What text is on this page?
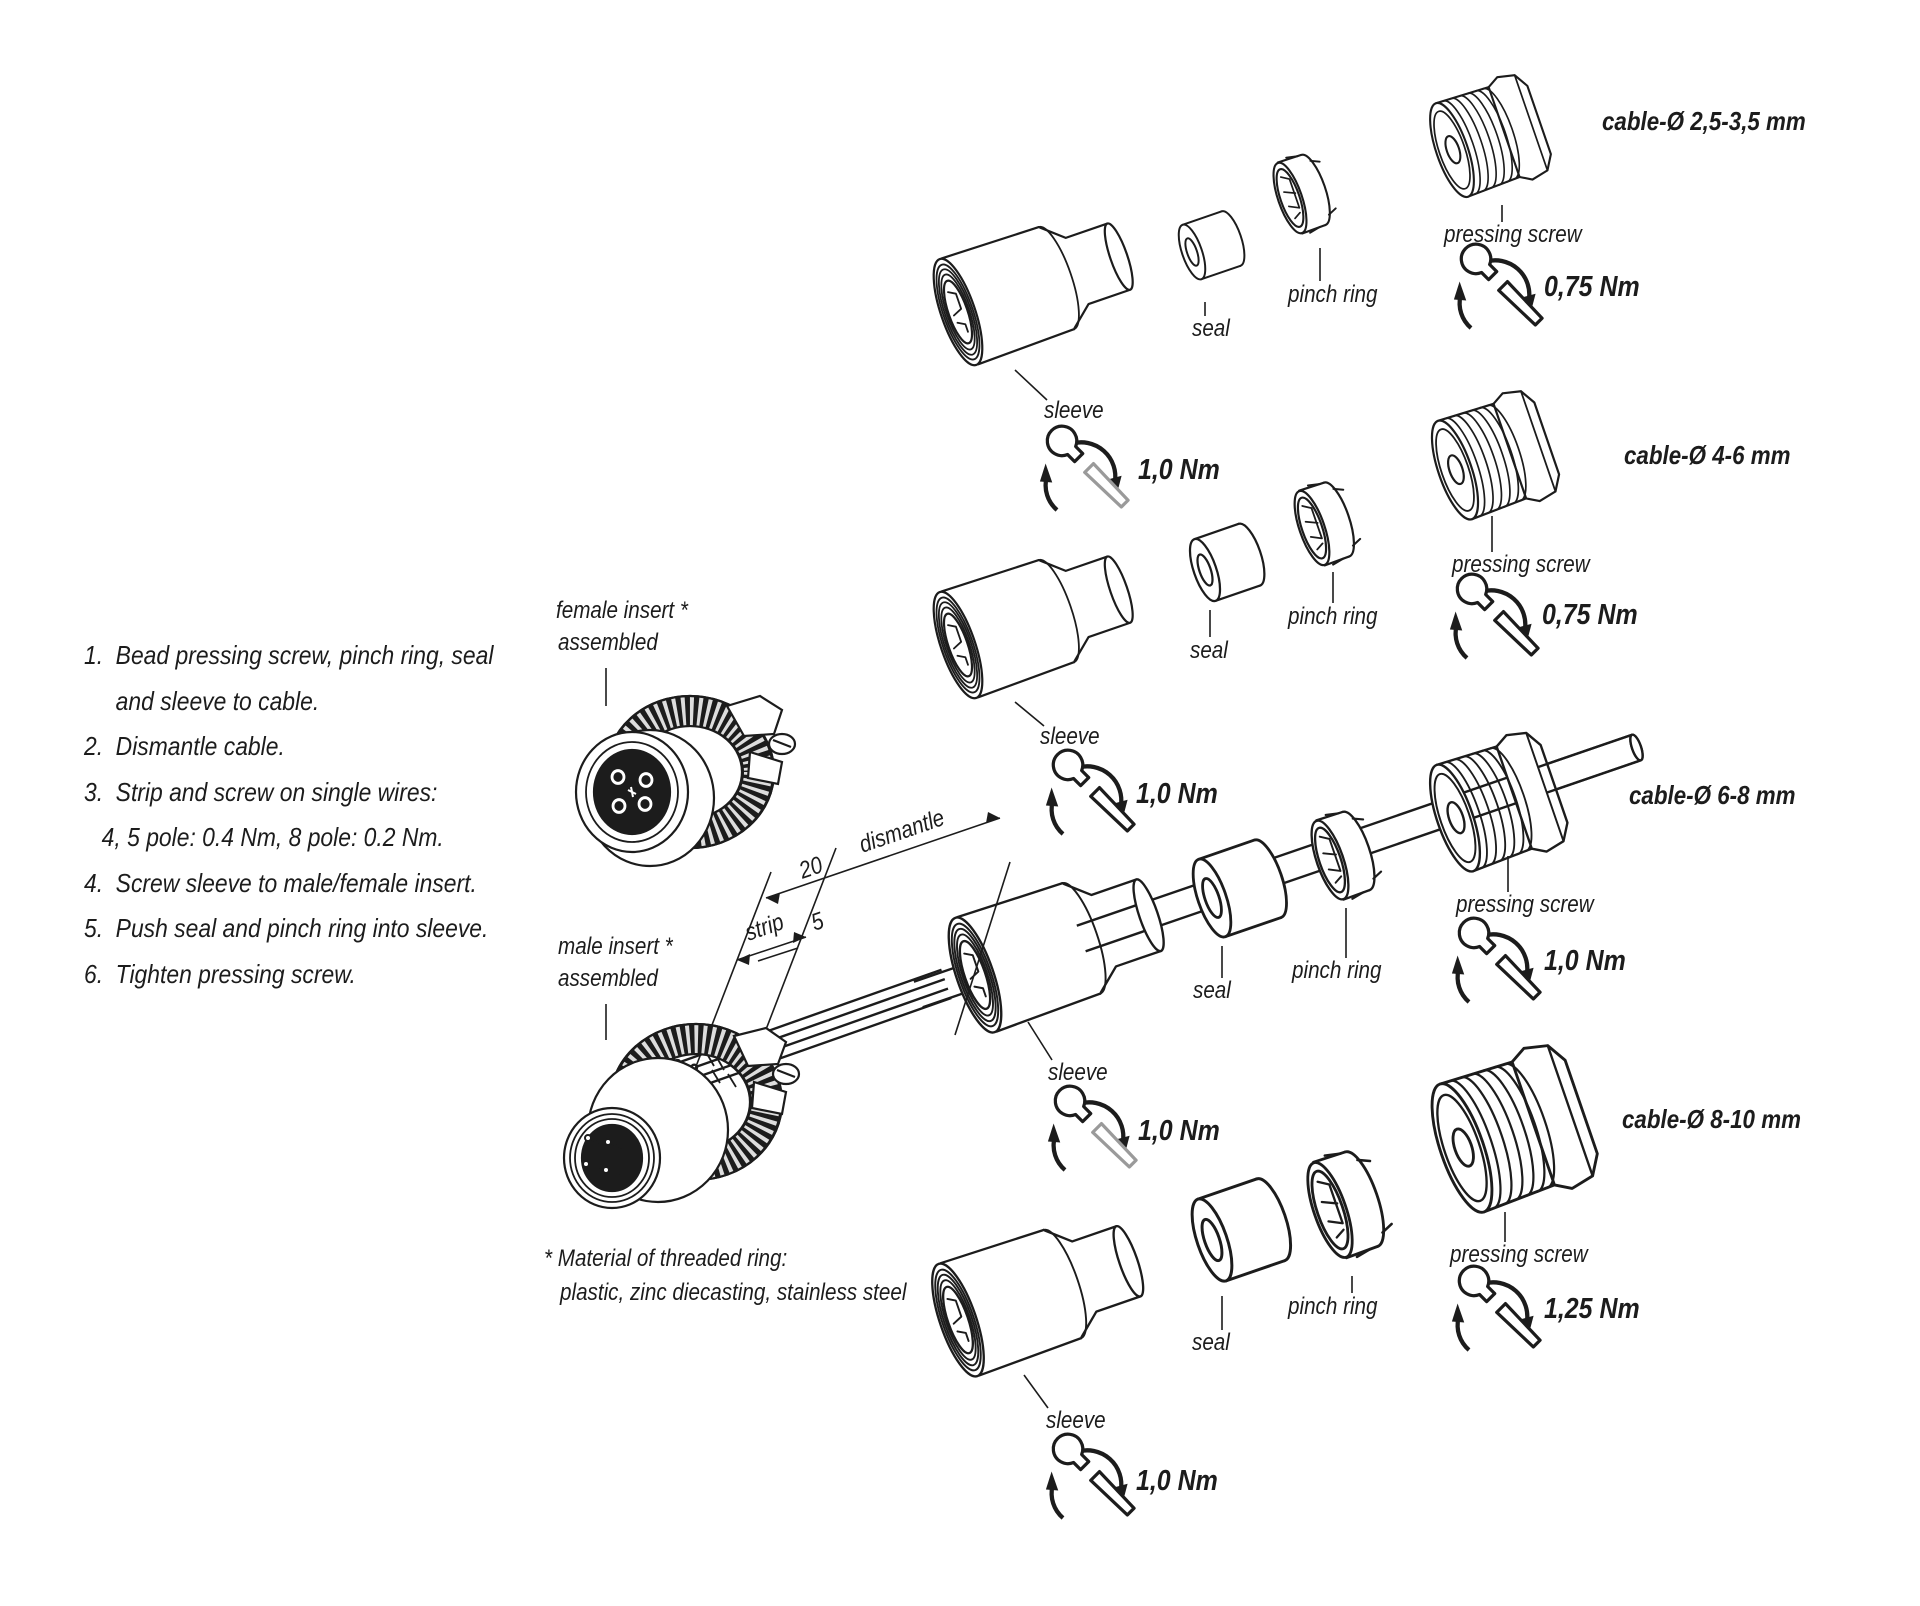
1. Bead pressing screw, pinch ring, seal
and sleeve to cable.
2. Dismantle cable.
3. Strip and screw on single wires:
4, 5 pole: 0.4 Nm, 8 pole: 0.2 Nm.
4. Screw sleeve to male/female insert.
5. Push seal and pinch ring into sleeve.
6. Tighten pressing screw.
female insert *
assembled
male insert *
assembled
* Material of threaded ring:
plastic, zinc diecasting, stainless steel
dismantle
20
strip 5
cable-Ø 2,5-3,5 mm
sleeve
1,0 Nm
seal
pinch ring
pressing screw
0,75 Nm
cable-Ø 4-6 mm
sleeve
1,0 Nm
seal
pinch ring
pressing screw
0,75 Nm
cable-Ø 6-8 mm
sleeve
1,0 Nm
seal
pinch ring
pressing screw
1,0 Nm
cable-Ø 8-10 mm
sleeve
1,0 Nm
seal
pinch ring
pressing screw
1,25 Nm
